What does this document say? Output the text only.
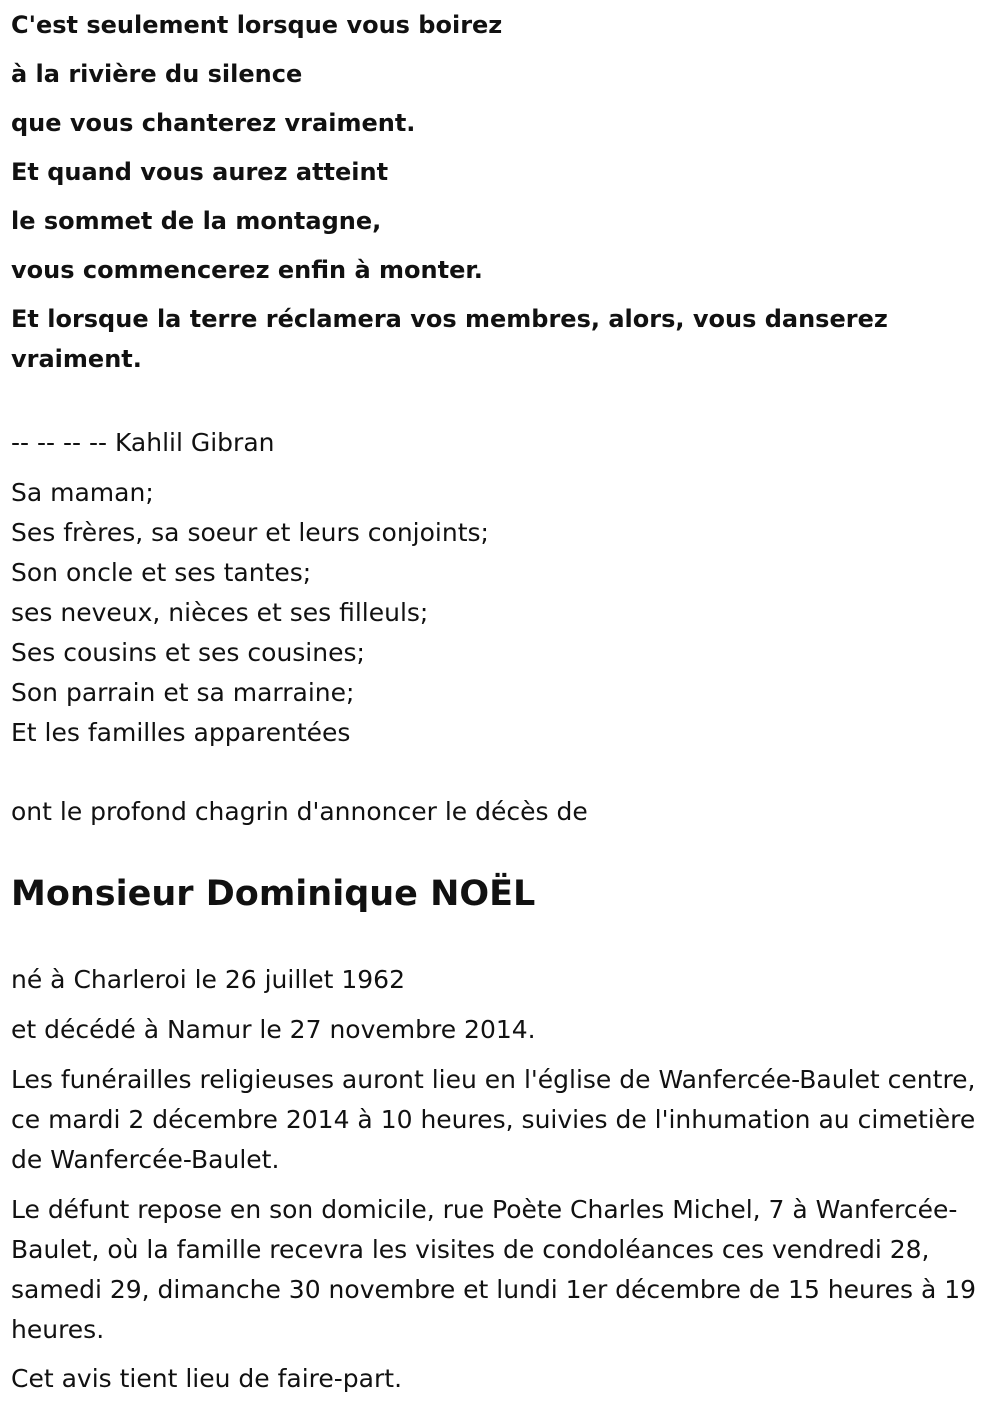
C'est seulement lorsque vous boirez

à la rivière du silence

que vous chanterez vraiment.

Et quand vous aurez atteint

le sommet de la montagne,

vous commencerez enfin à monter.

Et lorsque la terre réclamera vos membres, alors, vous danserez vraiment.

-- -- -- -- Kahlil Gibran

Sa maman;
Ses frères, sa soeur et leurs conjoints;
Son oncle et ses tantes;
ses neveux, nièces et ses filleuls;
Ses cousins et ses cousines;
Son parrain et sa marraine;
Et les familles apparentées

ont le profond chagrin d'annoncer le décès de

Monsieur Dominique NOËL

né à Charleroi le 26 juillet 1962

et décédé à Namur le 27 novembre 2014.

Les funérailles religieuses auront lieu en l'église de Wanfercée-Baulet centre, ce mardi 2 décembre 2014 à 10 heures, suivies de l'inhumation au cimetière de Wanfercée-Baulet.

Le défunt repose en son domicile, rue Poète Charles Michel, 7 à Wanfercée-Baulet, où la famille recevra les visites de condoléances ces vendredi 28, samedi 29, dimanche 30 novembre et lundi 1er décembre de 15 heures à 19 heures.

Cet avis tient lieu de faire-part.
